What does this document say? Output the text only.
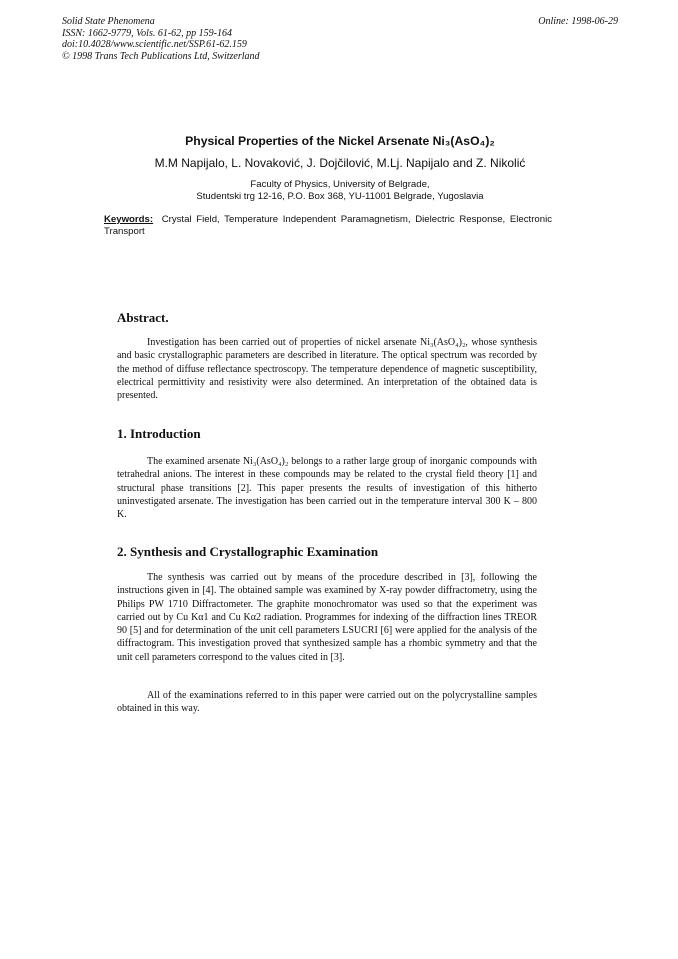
Solid State Phenomena
ISSN: 1662-9779, Vols. 61-62, pp 159-164
doi:10.4028/www.scientific.net/SSP.61-62.159
© 1998 Trans Tech Publications Ltd, Switzerland
Online: 1998-06-29
Physical Properties of the Nickel Arsenate Ni₃(AsO₄)₂
M.M Napijalo, L. Novaković, J. Dojčilović, M.Lj. Napijalo and Z. Nikolić
Faculty of Physics, University of Belgrade,
Studentski trg 12-16, P.O. Box 368, YU-11001 Belgrade, Yugoslavia
Keywords: Crystal Field, Temperature Independent Paramagnetism, Dielectric Response, Electronic Transport
Abstract.
Investigation has been carried out of properties of nickel arsenate Ni₃(AsO₄)₂, whose synthesis and basic crystallographic parameters are described in literature. The optical spectrum was recorded by the method of diffuse reflectance spectroscopy. The temperature dependence of magnetic susceptibility, electrical permittivity and resistivity were also determined. An interpretation of the obtained data is presented.
1. Introduction
The examined arsenate Ni₃(AsO₄)₂ belongs to a rather large group of inorganic compounds with tetrahedral anions. The interest in these compounds may be related to the crystal field theory [1] and structural phase transitions [2]. This paper presents the results of investigation of this hitherto uninvestigated arsenate. The investigation has been carried out in the temperature interval 300 K – 800 K.
2. Synthesis and Crystallographic Examination
The synthesis was carried out by means of the procedure described in [3], following the instructions given in [4]. The obtained sample was examined by X-ray powder diffractometry, using the Philips PW 1710 Diffractometer. The graphite monochromator was used so that the experiment was carried out by Cu Kα1 and Cu Kα2 radiation. Programmes for indexing of the diffraction lines TREOR 90 [5] and for determination of the unit cell parameters LSUCRI [6] were applied for the analysis of the diffractogram. This investigation proved that synthesized sample has a rhombic symmetry and that the unit cell parameters correspond to the values cited in [3].
All of the examinations referred to in this paper were carried out on the polycrystalline samples obtained in this way.
